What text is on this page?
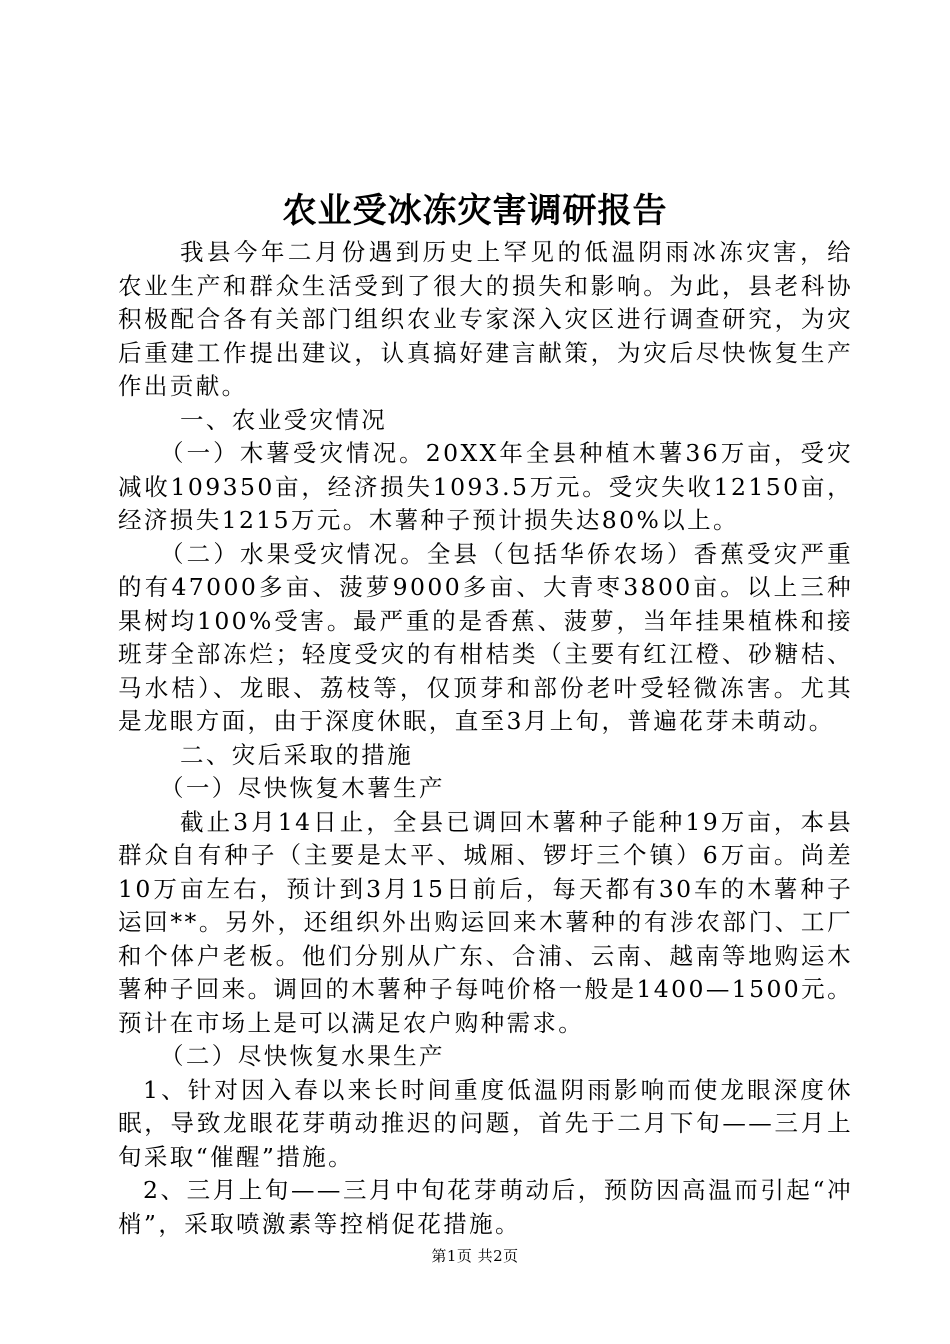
农业受冰冻灾害调研报告

我县今年二月份遇到历史上罕见的低温阴雨冰冻灾害，给农业生产和群众生活受到了很大的损失和影响。为此，县老科协积极配合各有关部门组织农业专家深入灾区进行调查研究，为灾后重建工作提出建议，认真搞好建言献策，为灾后尽快恢复生产作出贡献。

一、农业受灾情况

（一）木薯受灾情况。20XX年全县种植木薯36万亩，受灾减收109350亩，经济损失1093.5万元。受灾失收12150亩，经济损失1215万元。木薯种子预计损失达80%以上。

（二）水果受灾情况。全县（包括华侨农场）香蕉受灾严重的有47000多亩、菠萝9000多亩、大青枣3800亩。以上三种果树均100%受害。最严重的是香蕉、菠萝，当年挂果植株和接班芽全部冻烂；轻度受灾的有柑桔类（主要有红江橙、砂糖桔、马水桔）、龙眼、荔枝等，仅顶芽和部份老叶受轻微冻害。尤其是龙眼方面，由于深度休眠，直至3月上旬，普遍花芽未萌动。

二、灾后采取的措施

（一）尽快恢复木薯生产

截止3月14日止，全县已调回木薯种子能种19万亩，本县群众自有种子（主要是太平、城厢、锣圩三个镇）6万亩。尚差10万亩左右，预计到3月15日前后，每天都有30车的木薯种子运回**。另外，还组织外出购运回来木薯种的有涉农部门、工厂和个体户老板。他们分别从广东、合浦、云南、越南等地购运木薯种子回来。调回的木薯种子每吨价格一般是1400—1500元。预计在市场上是可以满足农户购种需求。

（二）尽快恢复水果生产

1、针对因入春以来长时间重度低温阴雨影响而使龙眼深度休眠，导致龙眼花芽萌动推迟的问题，首先于二月下旬——三月上旬采取“催醒”措施。

2、三月上旬——三月中旬花芽萌动后，预防因高温而引起“冲梢”，采取喷激素等控梢促花措施。

第1页 共2页
